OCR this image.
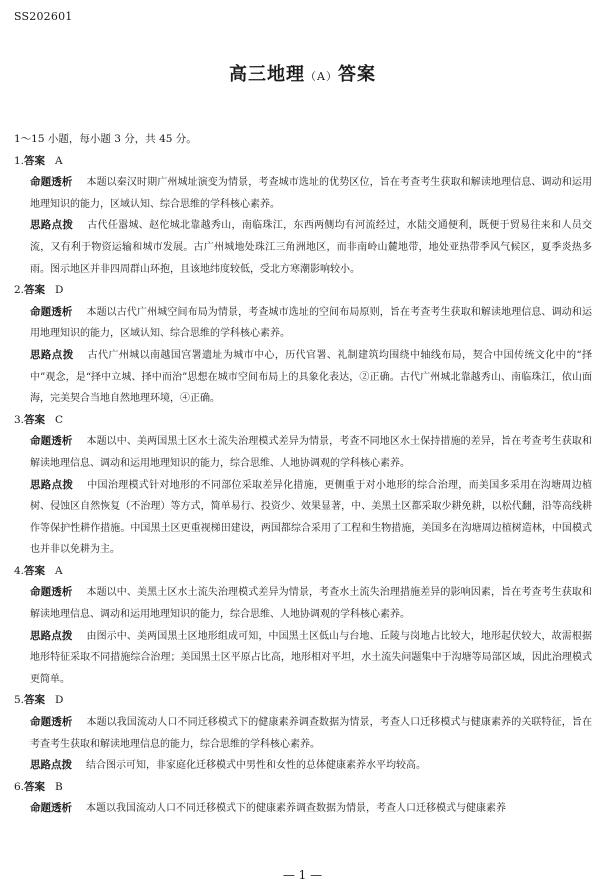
SS202601
高三地理（A）答案
1～15 小题，每小题 3 分，共 45 分。
1.答案 A
命题透析 本题以秦汉时期广州城址演变为情景，考查城市选址的优势区位，旨在考查考生获取和解读地理信息、调动和运用地理知识的能力，区域认知、综合思维的学科核心素养。
思路点拨 古代任嚣城、赵佗城北靠越秀山，南临珠江，东西两侧均有河流经过，水陆交通便利，既便于贸易往来和人员交流，又有利于物资运输和城市发展。古广州城地处珠江三角洲地区，而非南岭山麓地带，地处亚热带季风气候区，夏季炎热多雨。图示地区并非四周群山环抱，且该地纬度较低，受北方寒潮影响较小。
2.答案 D
命题透析 本题以古代广州城空间布局为情景，考查城市选址的空间布局原则，旨在考查考生获取和解读地理信息、调动和运用地理知识的能力，区域认知、综合思维的学科核心素养。
思路点拨 古代广州城以南越国宫署遗址为城市中心，历代官署、礼制建筑均围绕中轴线布局，契合中国传统文化中的“择中”观念，是“择中立城、择中而治”思想在城市空间布局上的具象化表达，②正确。古代广州城北靠越秀山、南临珠江，依山面海，完美契合当地自然地理环境，④正确。
3.答案 C
命题透析 本题以中、美两国黑土区水土流失治理模式差异为情景，考查不同地区水土保持措施的差异，旨在考查考生获取和解读地理信息、调动和运用地理知识的能力，综合思维、人地协调观的学科核心素养。
思路点拨 中国治理模式针对地形的不同部位采取差异化措施，更侧重于对小地形的综合治理，而美国多采用在沟塘周边植树、侵蚀区自然恢复（不治理）等方式，简单易行、投资少、效果显著，中、美黑土区都采取少耕免耕，以松代翻，沿等高线耕作等保护性耕作措施。中国黑土区更重视梯田建设，两国都综合采用了工程和生物措施，美国多在沟塘周边植树造林，中国模式也并非以免耕为主。
4.答案 A
命题透析 本题以中、美黑土区水土流失治理模式差异为情景，考查水土流失治理措施差异的影响因素，旨在考查考生获取和解读地理信息、调动和运用地理知识的能力，综合思维、人地协调观的学科核心素养。
思路点拨 由图示中、美两国黑土区地形组成可知，中国黑土区低山与台地、丘陵与岗地占比较大，地形起伏较大，故需根据地形特征采取不同措施综合治理；美国黑土区平原占比高，地形相对平坦，水土流失问题集中于沟塘等局部区域，因此治理模式更简单。
5.答案 D
命题透析 本题以我国流动人口不同迁移模式下的健康素养调查数据为情景，考查人口迁移模式与健康素养的关联特征，旨在考查考生获取和解读地理信息的能力，综合思维的学科核心素养。
思路点拨 结合图示可知，非家庭化迁移模式中男性和女性的总体健康素养水平均较高。
6.答案 B
命题透析 本题以我国流动人口不同迁移模式下的健康素养调查数据为情景，考查人口迁移模式与健康素养
— 1 —
